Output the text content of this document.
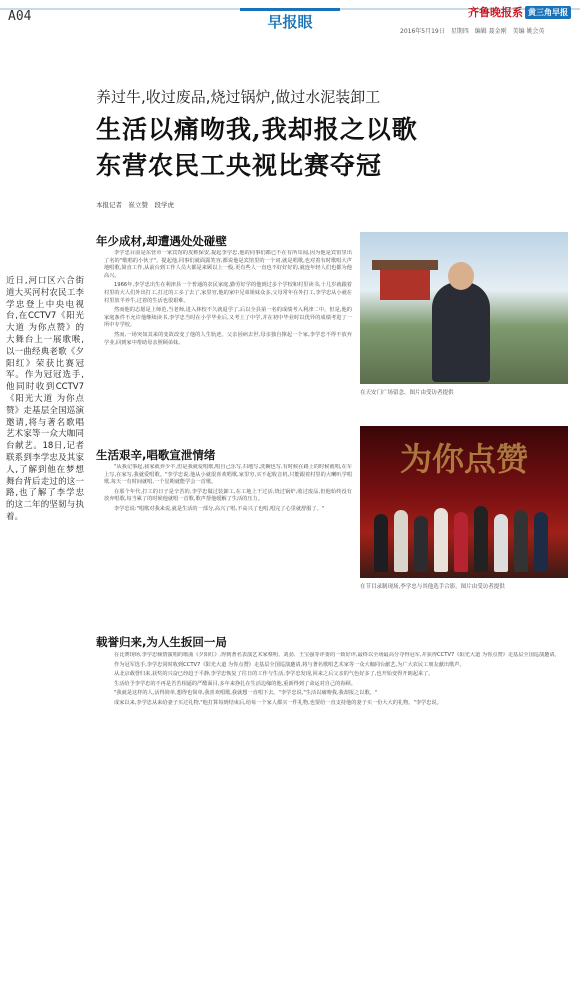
A04	早报眼
齐鲁晚报系 黄三角早报
2016年5月19日　星期四　编辑 聂金刚　美编 姚会英
养过牛,收过废品,烧过锅炉,做过水泥装卸工
生活以痛吻我,我却报之以歌
东营农民工央视比赛夺冠
本报记者　崔立赞　段学虎
近日,河口区六合街道大买河村农民工李学忠登上中央电视台,在CCTV7《阳光大道 为你点赞》的大舞台上一展歌喉,以一曲经典老歌《夕阳红》荣获比赛冠军。作为冠冠选手,他同时收到CCTV7《阳光大道 为你点赞》走基层全国巡演邀请,将与著名歌唱艺术家等一众大咖同台献艺。18日,记者联系到李学忠及其家人,了解到他在梦想舞台背后走过的这一路,也了解了李学忠的这二年的坚韧与执着。
年少成材,却遭遇处处碰壁

李学忠目前是东营市一家宾馆的皮鞋保安,提起李学忠,他的同事们都已不在有所耳闻,因为他是宾馆里出了名的"歌唱的小伙子"。提起他,同事们就面露笑容,都说他是宾馆里的一个词,就是唱歌,也对着有时歌唱大声地唱歌,简直工作,从前台到工作人员大都是来顾以上一般,更有些人一直也不好好好的,就连年轻人们也都为他高兴。

1966年,李学忠出生在利津县一个普通的农民家庭,勤劳好学的他到过多个学校和村里读书,十几岁就跟着村里的大人们外出打工,打过的工多了去了,家里穷,他的家中兄弟姐妹众多,父母常年在外打工,李学忠从小就在村里放羊养牛,过着的生活也很艰难。

然而他的志愿是上师范,当老师,进入林校不久就退学了,后以全县第一名的成绩考入利津二中。但是,他的家庭条件不允许他继续读书,李学忠当时在小学毕业后,又考上了中学,并在初中毕业时以优异的成绩考进了一所中专学校。

然而,一场突如其来的变故改变了他的人生轨迹。父亲因病去世,母亲独自撑起一个家,李学忠不得不放弃学业,回到家中帮助母亲照顾弟妹。

生活艰辛,唱歌宣泄情绪

"从我记事起,我家就养少羊,但是我就爱唱歌,唱自己乐写,扫地写,洗碗也写,有时候在路上的时候就唱,在车上写,在家写,我就爱唱歌。"李学忠说,他从小就很喜欢唱歌,家里穷,买不起收音机,只能跟着村里的大喇叭学唱歌,每天一有时间就唱,一个星期就能学会一首歌。

在那个年代,打工的日子是辛苦的,李学忠做过装卸工,在工地上干过活,烧过锅炉,收过废品,但他始终没有放弃唱歌,每当累了的时候他就唱一首歌,歌声帮他缓解了生活的压力。

李学忠说:"唱歌对我来说,就是生活的一部分,高兴了唱,不高兴了也唱,唱完了心里就舒服了。"

载誉归来,为人生扳回一局

在比赛现场,李学忠倾情演唱的歌曲《夕阳红》,得到著名表演艺术家蔡明、刘劲、王宝强等评委的一致好评,最终以全场最高分夺得冠军,并获得CCTV7《阳光大道 为你点赞》走基层全国巡演邀请。

作为冠军选手,李学忠同时收到CCTV7《阳光大道 为你点赞》走基层全国巡演邀请,将与著名歌唱艺术家等一众大咖同台献艺,为广大农民工朋友献出歌声。

从北京载誉归来,获奖的兴奋已经趋于平静,李学忠恢复了往日的工作与生活,李学忠发现,回来之后父亲的气色好多了,也开始变得开朗起来了。

生活给予李学忠的不再是苦苦相逼的严酷面目,多年来挣扎在生活边缘的他,重新得到了命运对自己的眷顾。

"我就是这样的人,活得简单,想得也简单,我喜欢唱歌,我就想一直唱下去。"李学忠说,"生活以痛吻我,我却报之以歌。"

成家以来,李学忠从来给妻子买过礼物,"他打算每到结束后,给每一个家人都买一件礼物,也要给一直支持他的妻子买一份大大的礼物。"李学忠说。

在天安门广场留念。图片由受访者提供
为你点赞
在节目录制现场,李学忠与其他选手合影。图片由受访者提供
